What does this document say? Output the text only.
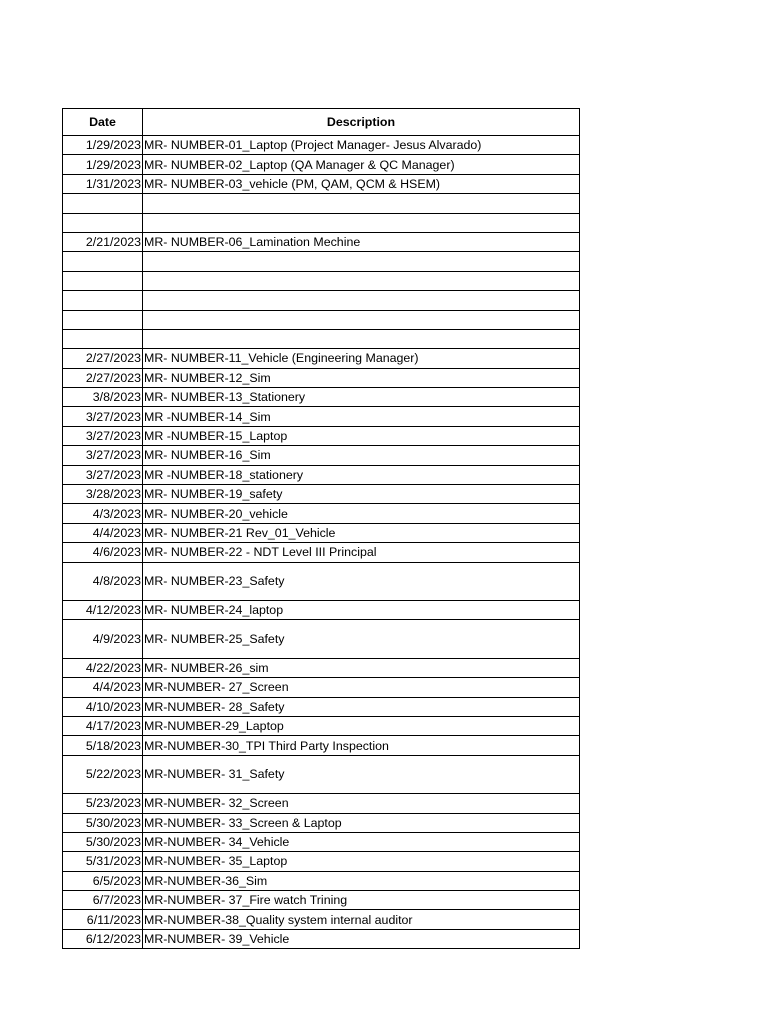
Date	Description
1/29/2023	MR- NUMBER-01_Laptop (Project Manager- Jesus Alvarado)
1/29/2023	MR- NUMBER-02_Laptop (QA Manager & QC Manager)
1/31/2023	MR- NUMBER-03_vehicle (PM, QAM, QCM & HSEM)

2/21/2023	MR- NUMBER-06_Lamination Mechine

2/27/2023	MR- NUMBER-11_Vehicle (Engineering Manager)
2/27/2023	MR- NUMBER-12_Sim
3/8/2023	MR- NUMBER-13_Stationery
3/27/2023	MR -NUMBER-14_Sim
3/27/2023	MR -NUMBER-15_Laptop
3/27/2023	MR- NUMBER-16_Sim
3/27/2023	MR -NUMBER-18_stationery
3/28/2023	MR- NUMBER-19_safety
4/3/2023	MR- NUMBER-20_vehicle
4/4/2023	MR- NUMBER-21 Rev_01_Vehicle
4/6/2023	MR- NUMBER-22 - NDT Level III Principal
4/8/2023	MR- NUMBER-23_Safety
4/12/2023	MR- NUMBER-24_laptop
4/9/2023	MR- NUMBER-25_Safety
4/22/2023	MR- NUMBER-26_sim
4/4/2023	MR-NUMBER- 27_Screen
4/10/2023	MR-NUMBER- 28_Safety
4/17/2023	MR-NUMBER-29_Laptop
5/18/2023	MR-NUMBER-30_TPI Third Party Inspection
5/22/2023	MR-NUMBER- 31_Safety
5/23/2023	MR-NUMBER- 32_Screen
5/30/2023	MR-NUMBER- 33_Screen & Laptop
5/30/2023	MR-NUMBER- 34_Vehicle
5/31/2023	MR-NUMBER- 35_Laptop
6/5/2023	MR-NUMBER-36_Sim
6/7/2023	MR-NUMBER- 37_Fire watch Trining
6/11/2023	MR-NUMBER-38_Quality system internal auditor
6/12/2023	MR-NUMBER- 39_Vehicle
